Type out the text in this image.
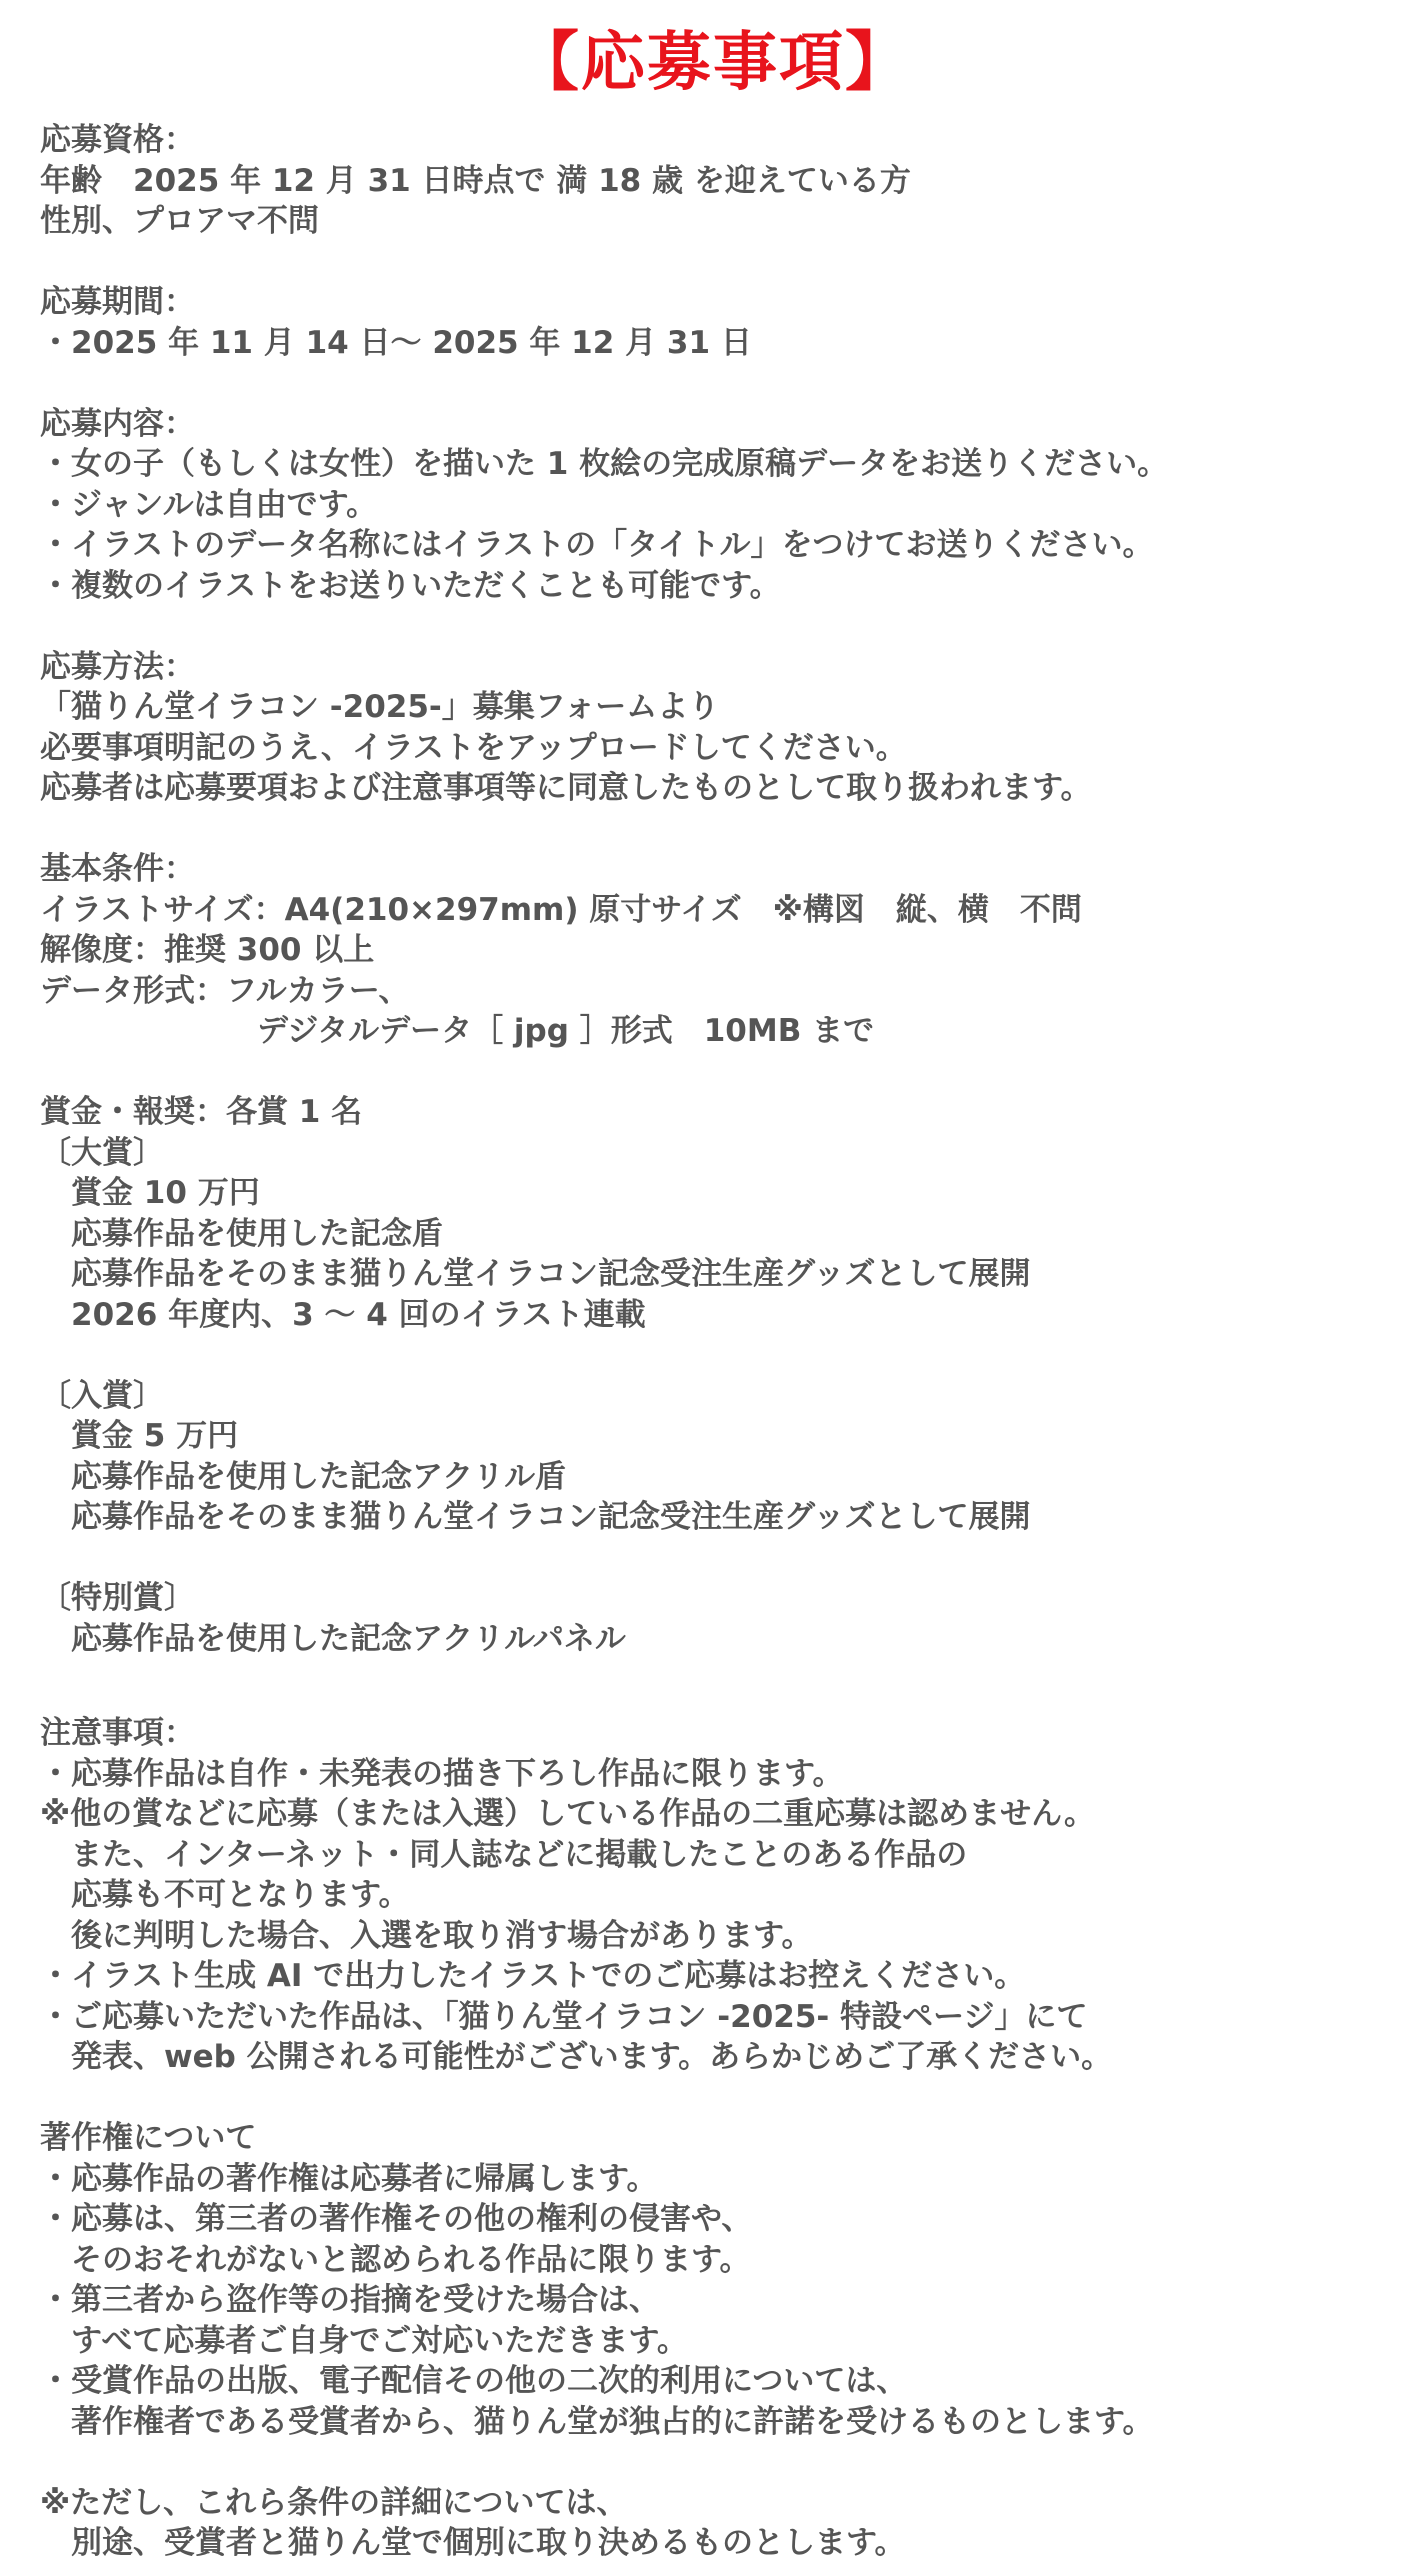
【応募事項】
応募資格：
年齢　2025 年 12 月 31 日時点で 満 18 歳 を迎えている方
性別、プロアマ不問
応募期間：
・2025 年 11 月 14 日～ 2025 年 12 月 31 日
応募内容：
・女の子（もしくは女性）を描いた 1 枚絵の完成原稿データをお送りください。
・ジャンルは自由です。
・イラストのデータ名称にはイラストの「タイトル」をつけてお送りください。
・複数のイラストをお送りいただくことも可能です。
応募方法：
「猫りん堂イラコン -2025-」募集フォームより
必要事項明記のうえ、イラストをアップロードしてください。
応募者は応募要項および注意事項等に同意したものとして取り扱われます。
基本条件：
イラストサイズ：A4(210×297mm) 原寸サイズ　※構図　縦、横　不問
解像度：推奨 300 以上
データ形式：フルカラー、
　　　　　　　デジタルデータ［ jpg ］形式　10MB まで
賞金・報奨：各賞 1 名
〔大賞〕
　賞金 10 万円
　応募作品を使用した記念盾
　応募作品をそのまま猫りん堂イラコン記念受注生産グッズとして展開
　2026 年度内、3 ～ 4 回のイラスト連載
〔入賞〕
　賞金 5 万円
　応募作品を使用した記念アクリル盾
　応募作品をそのまま猫りん堂イラコン記念受注生産グッズとして展開
〔特別賞〕
　応募作品を使用した記念アクリルパネル
注意事項：
・応募作品は自作・未発表の描き下ろし作品に限ります。
※他の賞などに応募（または入選）している作品の二重応募は認めません。
　また、インターネット・同人誌などに掲載したことのある作品の
　応募も不可となります。
　後に判明した場合、入選を取り消す場合があります。
・イラスト生成 AI で出力したイラストでのご応募はお控えください。
・ご応募いただいた作品は、「猫りん堂イラコン -2025- 特設ページ」にて
　発表、web 公開される可能性がございます。あらかじめご了承ください。
著作権について
・応募作品の著作権は応募者に帰属します。
・応募は、第三者の著作権その他の権利の侵害や、
　そのおそれがないと認められる作品に限ります。
・第三者から盗作等の指摘を受けた場合は、
　すべて応募者ご自身でご対応いただきます。
・受賞作品の出版、電子配信その他の二次的利用については、
　著作権者である受賞者から、猫りん堂が独占的に許諾を受けるものとします。
※ただし、これら条件の詳細については、
　別途、受賞者と猫りん堂で個別に取り決めるものとします。
